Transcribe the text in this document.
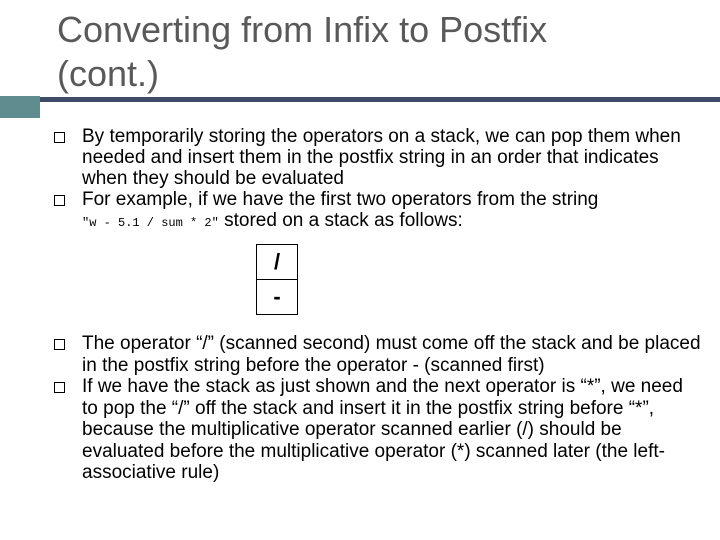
Converting from Infix to Postfix
(cont.)

By temporarily storing the operators on a stack, we can pop them when needed and insert them in the postfix string in an order that indicates when they should be evaluated

For example, if we have the first two operators from the string
"w - 5.1 / sum * 2" stored on a stack as follows:

/
-

The operator “/” (scanned second) must come off the stack and be placed in the postfix string before the operator - (scanned first)

If we have the stack as just shown and the next operator is “*”, we need to pop the “/” off the stack and insert it in the postfix string before “*”, because the multiplicative operator scanned earlier (/) should be evaluated before the multiplicative operator (*) scanned later (the left-associative rule)
